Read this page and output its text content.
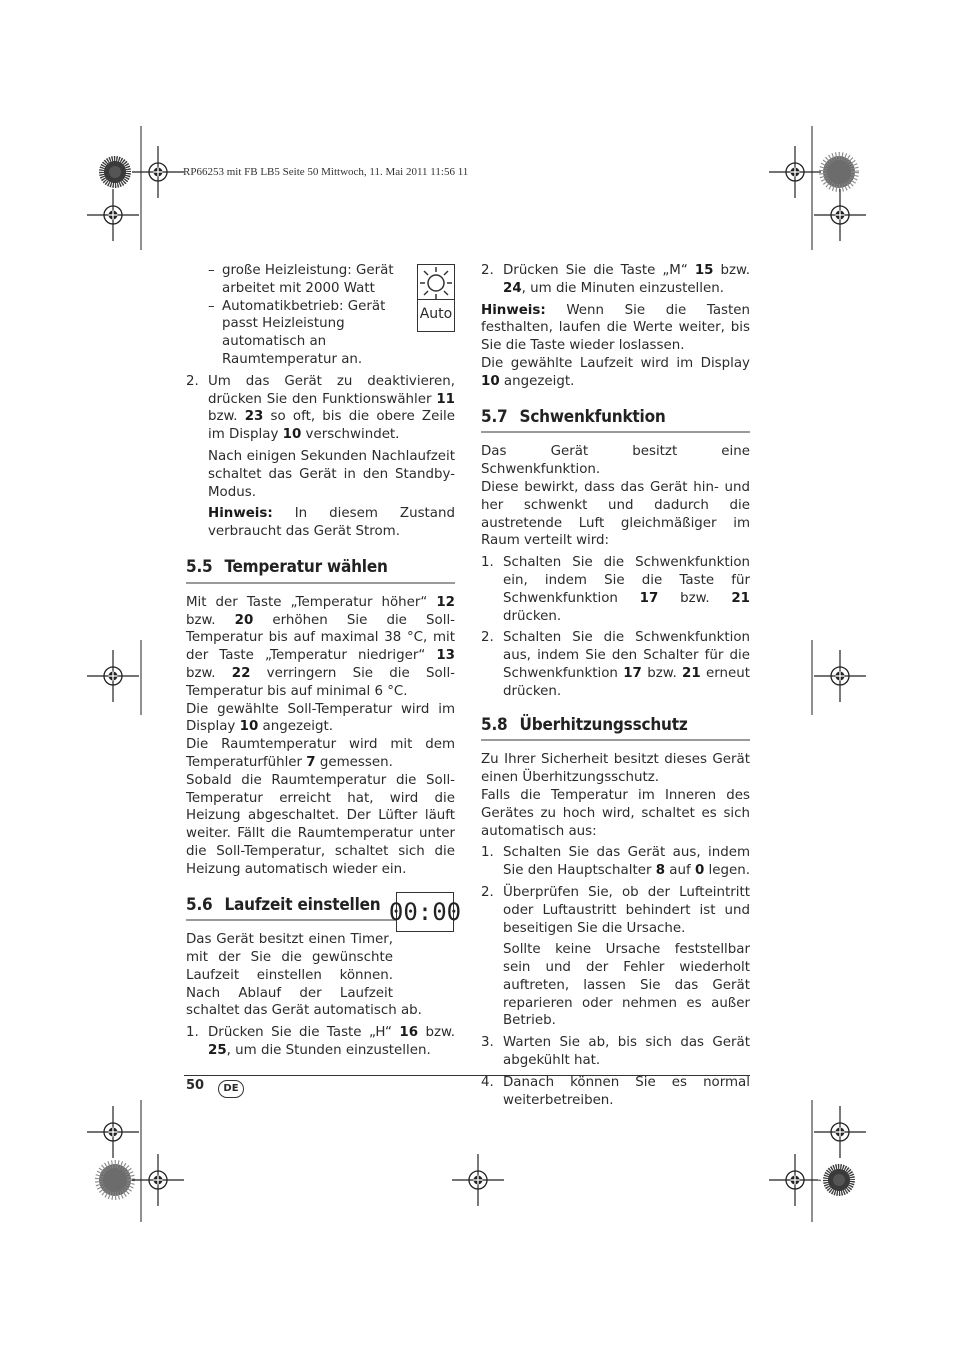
RP66253 mit FB LB5 Seite 50 Mittwoch, 11. Mai 2011 11:56 11

– große Heizleistung: Gerät arbeitet mit 2000 Watt

– Automatikbetrieb: Gerät passt Heizleistung automatisch an Raumtemperatur an.

2. Um das Gerät zu deaktivieren, drücken Sie den Funktionswähler 11 bzw. 23 so oft, bis die obere Zeile im Display 10 verschwindet.

Nach einigen Sekunden Nachlaufzeit schaltet das Gerät in den Standby-Modus.

Hinweis: In diesem Zustand verbraucht das Gerät Strom.

5.5 Temperatur wählen

Mit der Taste „Temperatur höher“ 12 bzw. 20 erhöhen Sie die Soll-Temperatur bis auf maximal 38 °C, mit der Taste „Temperatur niedriger“ 13 bzw. 22 verringern Sie die Soll-Temperatur bis auf minimal 6 °C.

Die gewählte Soll-Temperatur wird im Display 10 angezeigt.

Die Raumtemperatur wird mit dem Temperaturfühler 7 gemessen.

Sobald die Raumtemperatur die Soll-Temperatur erreicht hat, wird die Heizung abgeschaltet. Der Lüfter läuft weiter. Fällt die Raumtemperatur unter die Soll-Temperatur, schaltet sich die Heizung automatisch wieder ein.

5.6 Laufzeit einstellen

Das Gerät besitzt einen Timer, mit der Sie die gewünschte Laufzeit einstellen können. Nach Ablauf der Laufzeit schaltet das Gerät automatisch ab.

1. Drücken Sie die Taste „H“ 16 bzw. 25, um die Stunden einzustellen.

Auto
00:00

2. Drücken Sie die Taste „M“ 15 bzw. 24, um die Minuten einzustellen.

Hinweis: Wenn Sie die Tasten festhalten, laufen die Werte weiter, bis Sie die Taste wieder loslassen.

Die gewählte Laufzeit wird im Display 10 angezeigt.

5.7 Schwenkfunktion

Das Gerät besitzt eine Schwenkfunktion.

Diese bewirkt, dass das Gerät hin- und her schwenkt und dadurch die austretende Luft gleichmäßiger im Raum verteilt wird:

1. Schalten Sie die Schwenkfunktion ein, indem Sie die Taste für Schwenkfunktion 17 bzw. 21 drücken.

2. Schalten Sie die Schwenkfunktion aus, indem Sie den Schalter für die Schwenkfunktion 17 bzw. 21 erneut drücken.

5.8 Überhitzungsschutz

Zu Ihrer Sicherheit besitzt dieses Gerät einen Überhitzungsschutz.

Falls die Temperatur im Inneren des Gerätes zu hoch wird, schaltet es sich automatisch aus:

1. Schalten Sie das Gerät aus, indem Sie den Hauptschalter 8 auf 0 legen.

2. Überprüfen Sie, ob der Lufteintritt oder Luftaustritt behindert ist und beseitigen Sie die Ursache.

Sollte keine Ursache feststellbar sein und der Fehler wiederholt auftreten, lassen Sie das Gerät reparieren oder nehmen es außer Betrieb.

3. Warten Sie ab, bis sich das Gerät abgekühlt hat.

4. Danach können Sie es normal weiterbetreiben.

50	DE
